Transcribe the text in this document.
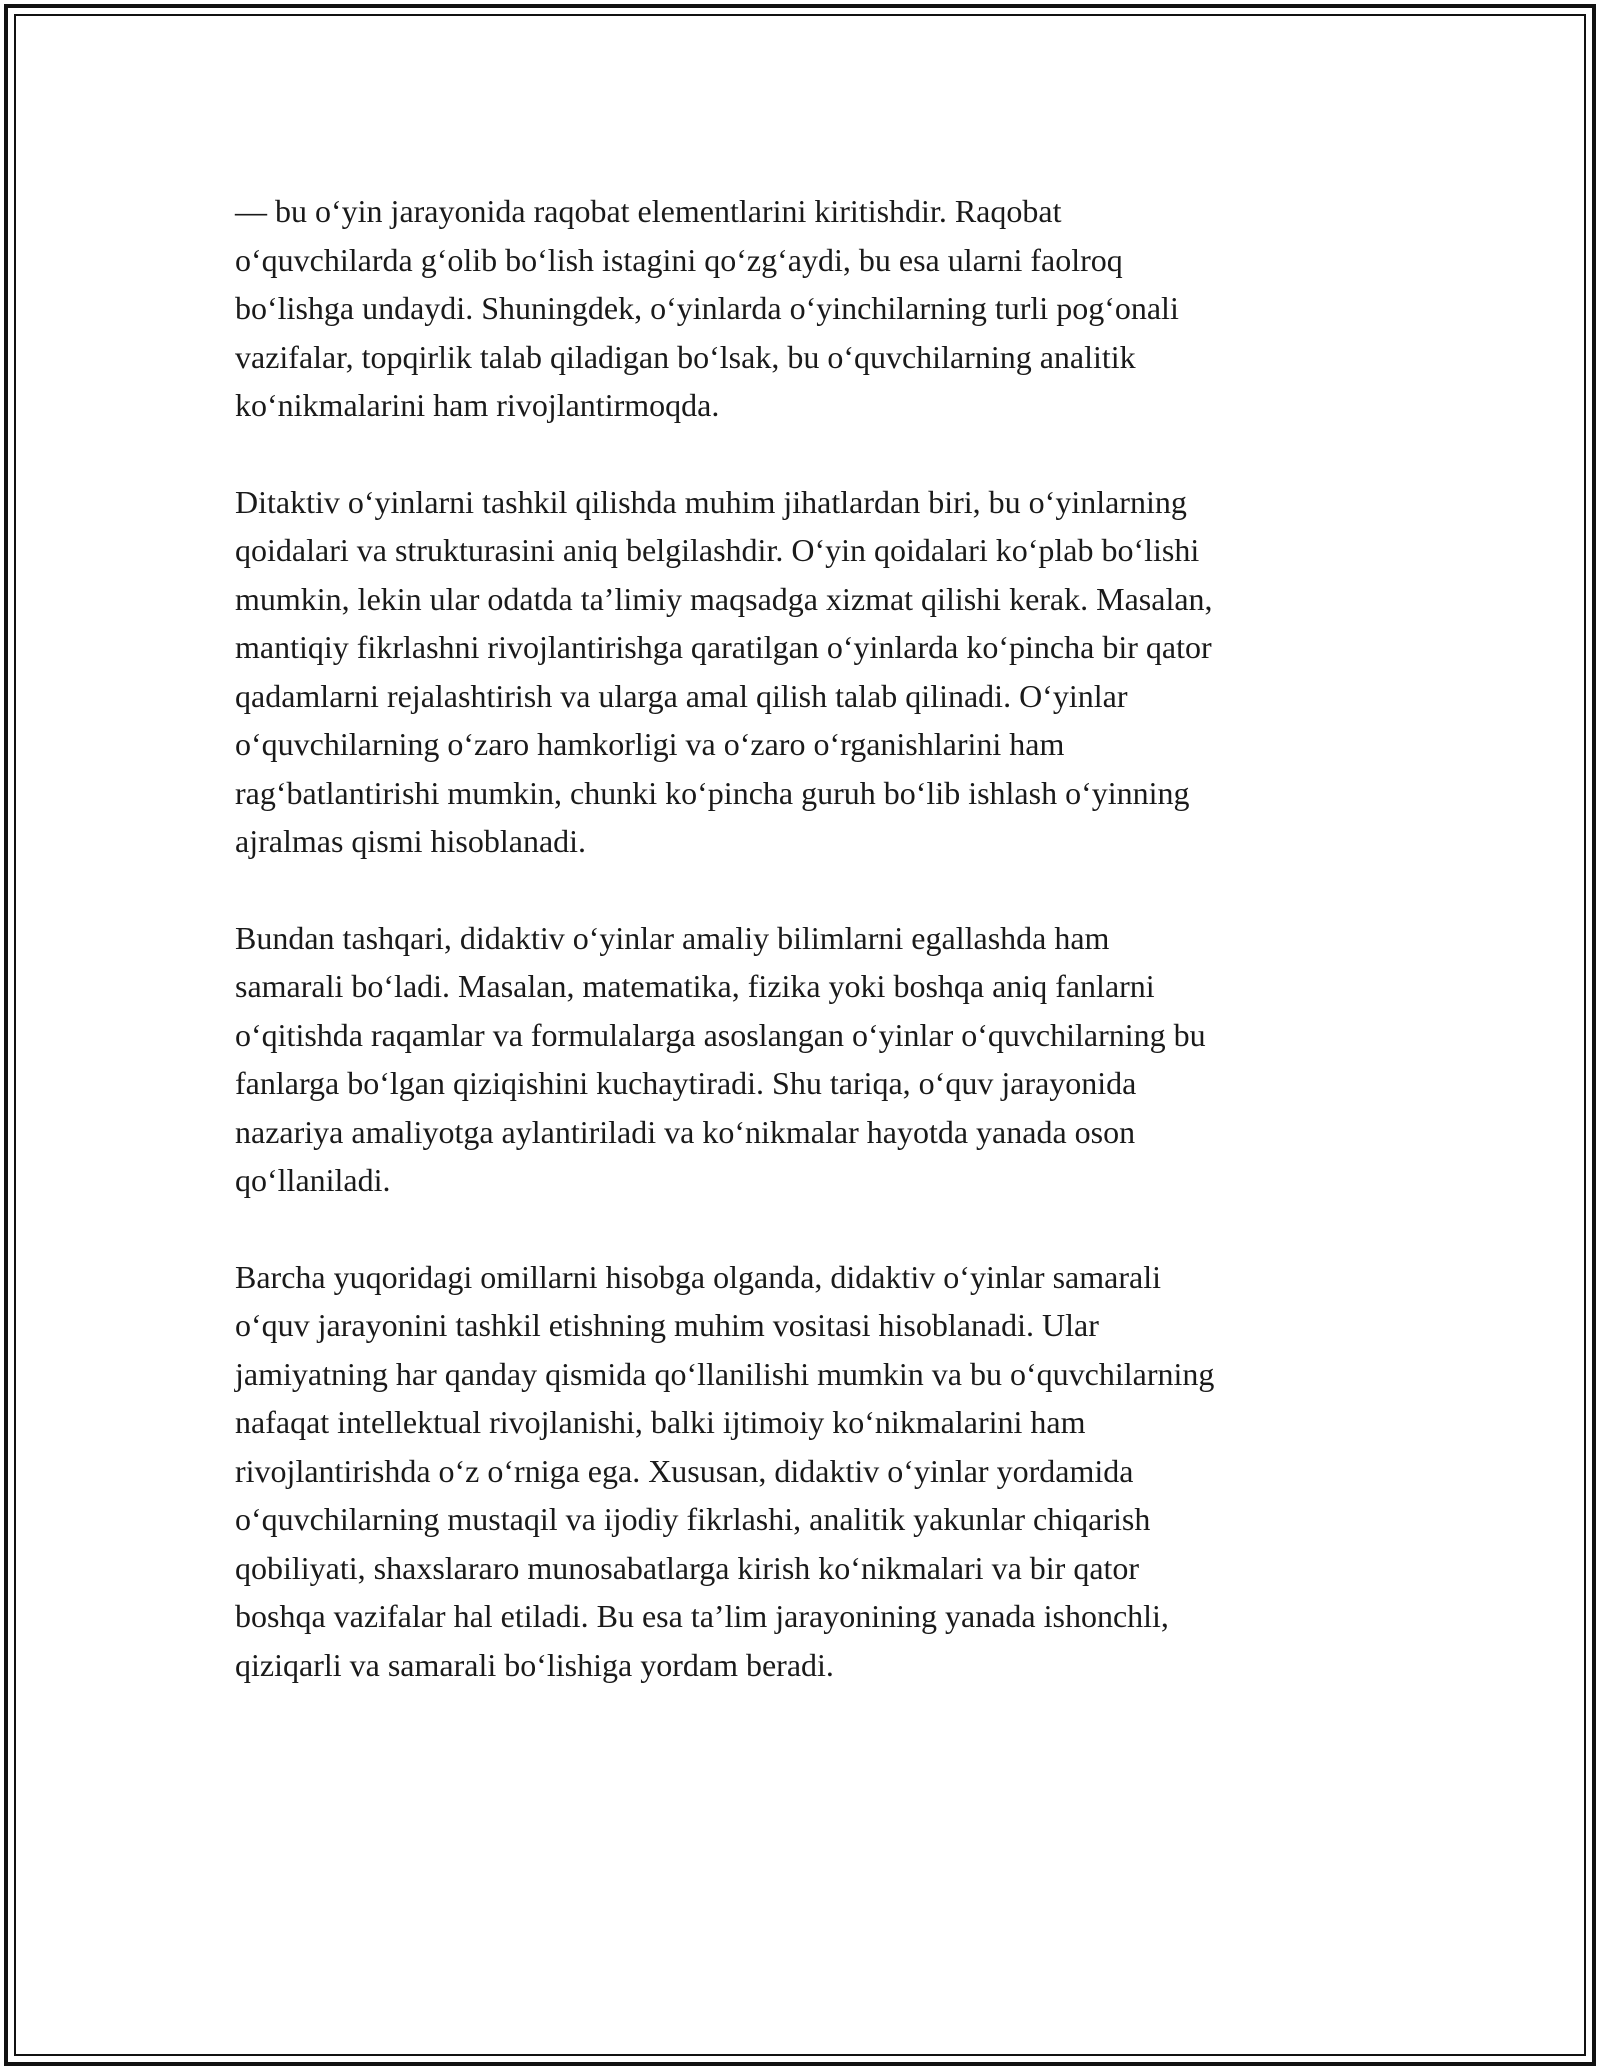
— bu o‘yin jarayonida raqobat elementlarini kiritishdir. Raqobat
o‘quvchilarda g‘olib bo‘lish istagini qo‘zg‘aydi, bu esa ularni faolroq
bo‘lishga undaydi. Shuningdek, o‘yinlarda o‘yinchilarning turli pog‘onali
vazifalar, topqirlik talab qiladigan bo‘lsak, bu o‘quvchilarning analitik
ko‘nikmalarini ham rivojlantirmoqda.

Ditaktiv o‘yinlarni tashkil qilishda muhim jihatlardan biri, bu o‘yinlarning
qoidalari va strukturasini aniq belgilashdir. O‘yin qoidalari ko‘plab bo‘lishi
mumkin, lekin ular odatda ta’limiy maqsadga xizmat qilishi kerak. Masalan,
mantiqiy fikrlashni rivojlantirishga qaratilgan o‘yinlarda ko‘pincha bir qator
qadamlarni rejalashtirish va ularga amal qilish talab qilinadi. O‘yinlar
o‘quvchilarning o‘zaro hamkorligi va o‘zaro o‘rganishlarini ham
rag‘batlantirishi mumkin, chunki ko‘pincha guruh bo‘lib ishlash o‘yinning
ajralmas qismi hisoblanadi.

Bundan tashqari, didaktiv o‘yinlar amaliy bilimlarni egallashda ham
samarali bo‘ladi. Masalan, matematika, fizika yoki boshqa aniq fanlarni
o‘qitishda raqamlar va formulalarga asoslangan o‘yinlar o‘quvchilarning bu
fanlarga bo‘lgan qiziqishini kuchaytiradi. Shu tariqa, o‘quv jarayonida
nazariya amaliyotga aylantiriladi va ko‘nikmalar hayotda yanada oson
qo‘llaniladi.

Barcha yuqoridagi omillarni hisobga olganda, didaktiv o‘yinlar samarali
o‘quv jarayonini tashkil etishning muhim vositasi hisoblanadi. Ular
jamiyatning har qanday qismida qo‘llanilishi mumkin va bu o‘quvchilarning
nafaqat intellektual rivojlanishi, balki ijtimoiy ko‘nikmalarini ham
rivojlantirishda o‘z o‘rniga ega. Xususan, didaktiv o‘yinlar yordamida
o‘quvchilarning mustaqil va ijodiy fikrlashi, analitik yakunlar chiqarish
qobiliyati, shaxslararo munosabatlarga kirish ko‘nikmalari va bir qator
boshqa vazifalar hal etiladi. Bu esa ta’lim jarayonining yanada ishonchli,
qiziqarli va samarali bo‘lishiga yordam beradi.
